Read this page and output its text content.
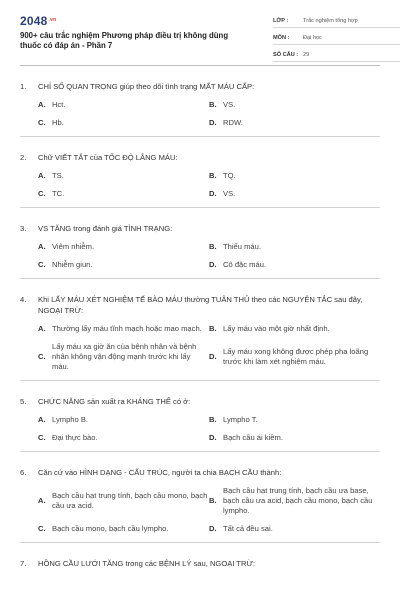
$2048^{.vn}$
900+ câu trắc nghiệm Phương pháp điều trị không dùng thuốc có đáp án - Phần 7
LỚP :	Trắc nghiệm tổng hợp
MÔN :	Đại học
SỐ CÂU : 29
1.	CHỈ SỐ QUAN TRỌNG giúp theo dõi tình trạng MẤT MÁU CẤP:
A. Hct.	B. VS.
C. Hb.	D. RDW.
2.	Chữ VIẾT TẮT của TỐC ĐỘ LẮNG MÁU:
A. TS.	B. TQ.
C. TC.	D. VS.
3.	VS TĂNG trong đánh giá TÌNH TRẠNG:
A. Viêm nhiễm.	B. Thiếu máu.
C. Nhiễm giun.	D. Cô đặc máu.
4.	Khi LẤY MÁU XÉT NGHIỆM TẾ BÀO MÁU thường TUÂN THỦ theo các NGUYÊN TẮC sau đây, NGOẠI TRỪ:
A. Thường lấy máu tĩnh mạch hoặc mao mạch. B. Lấy máu vào một giờ nhất định.
C.
Lấy máu xa giờ ăn của bệnh nhân và bệnh nhân không vận động mạnh trước khi lấy máu.
D.
Lấy máu xong không được phép pha loãng trước khi làm xét nghiệm máu.
5.	CHỨC NĂNG sản xuất ra KHÁNG THỂ có ở:
A. Lympho B.	B. Lympho T.
C. Đại thực bào.	D. Bạch cầu ái kiềm.
6.	Căn cứ vào HÌNH DẠNG - CẤU TRÚC, người ta chia BẠCH CẦU thành:
A.
Bạch cầu hạt trung tính, bạch cầu mono, bạch cầu ưa acid.
B.
Bạch cầu hạt trung tính, bạch cầu ưa base, bạch cầu ưa acid, bạch cầu mono, bạch cầu lympho.
C. Bạch cầu mono, bạch cầu lympho.	D. Tất cả đều sai.
7.	HỒNG CẦU LƯỚI TĂNG trong các BỆNH LÝ sau, NGOẠI TRỪ:
